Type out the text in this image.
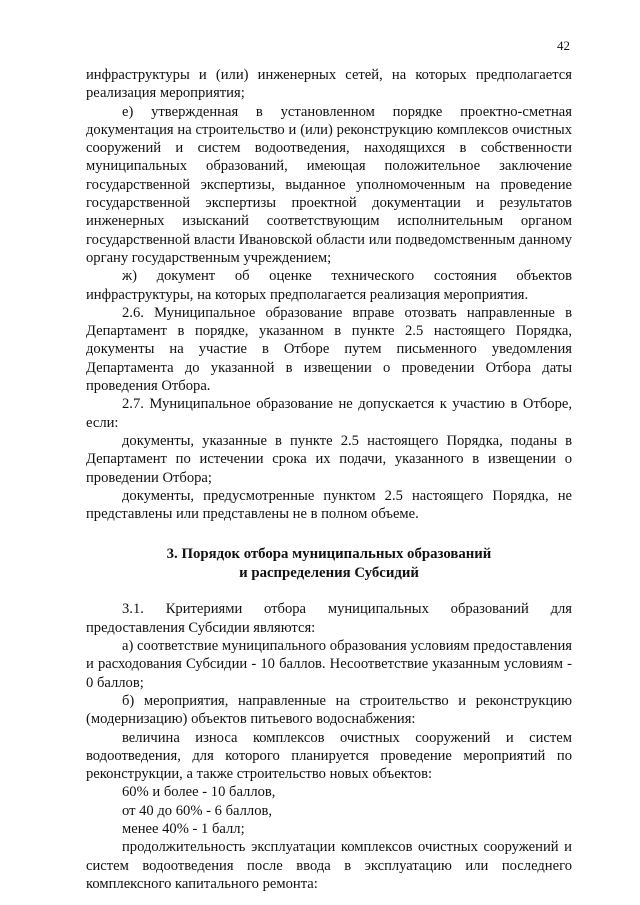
42

инфраструктуры и (или) инженерных сетей, на которых предполагается реализация мероприятия;

е) утвержденная в установленном порядке проектно-сметная документация на строительство и (или) реконструкцию комплексов очистных сооружений и систем водоотведения, находящихся в собственности муниципальных образований, имеющая положительное заключение государственной экспертизы, выданное уполномоченным на проведение государственной экспертизы проектной документации и результатов инженерных изысканий соответствующим исполнительным органом государственной власти Ивановской области или подведомственным данному органу государственным учреждением;

ж) документ об оценке технического состояния объектов инфраструктуры, на которых предполагается реализация мероприятия.

2.6. Муниципальное образование вправе отозвать направленные в Департамент в порядке, указанном в пункте 2.5 настоящего Порядка, документы на участие в Отборе путем письменного уведомления Департамента до указанной в извещении о проведении Отбора даты проведения Отбора.

2.7. Муниципальное образование не допускается к участию в Отборе, если:

документы, указанные в пункте 2.5 настоящего Порядка, поданы в Департамент по истечении срока их подачи, указанного в извещении о проведении Отбора;

документы, предусмотренные пунктом 2.5 настоящего Порядка, не представлены или представлены не в полном объеме.

3. Порядок отбора муниципальных образований
и распределения Субсидий

3.1. Критериями отбора муниципальных образований для предоставления Субсидии являются:

а) соответствие муниципального образования условиям предоставления и расходования Субсидии - 10 баллов. Несоответствие указанным условиям - 0 баллов;

б) мероприятия, направленные на строительство и реконструкцию (модернизацию) объектов питьевого водоснабжения:

величина износа комплексов очистных сооружений и систем водоотведения, для которого планируется проведение мероприятий по реконструкции, а также строительство новых объектов:

60% и более - 10 баллов,

от 40 до 60% - 6 баллов,

менее 40% - 1 балл;

продолжительность эксплуатации комплексов очистных сооружений и систем водоотведения после ввода в эксплуатацию или последнего комплексного капитального ремонта:
